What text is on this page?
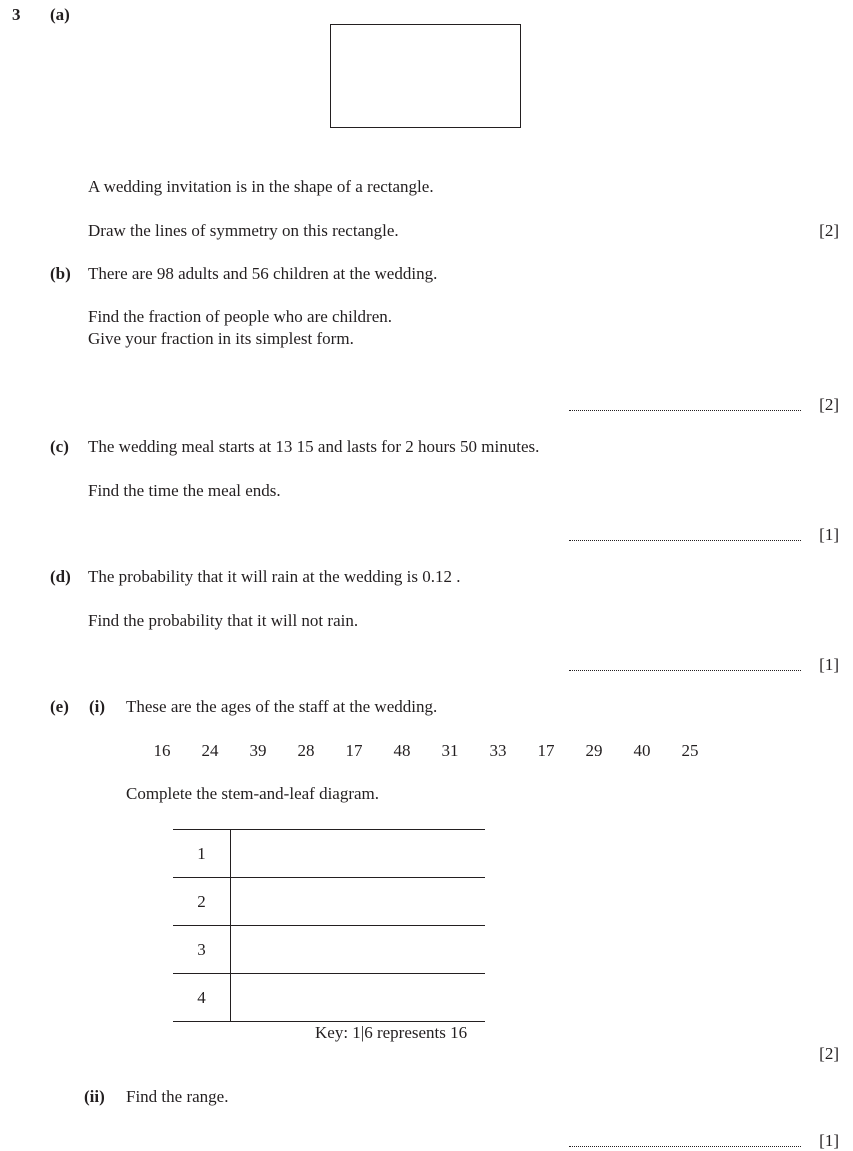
3 (a)
A wedding invitation is in the shape of a rectangle.
Draw the lines of symmetry on this rectangle.	[2]
(b) There are 98 adults and 56 children at the wedding.
Find the fraction of people who are children.
Give your fraction in its simplest form.
[2]
(c) The wedding meal starts at 13 15 and lasts for 2 hours 50 minutes.
Find the time the meal ends.
[1]
(d) The probability that it will rain at the wedding is 0.12 .
Find the probability that it will not rain.
[1]
(e) (i) These are the ages of the staff at the wedding.
16 24 39 28 17 48 31 33 17 29 40 25
Complete the stem-and-leaf diagram.
1
2
3
4
Key: 1|6 represents 16
[2]
(ii) Find the range.
[1]
